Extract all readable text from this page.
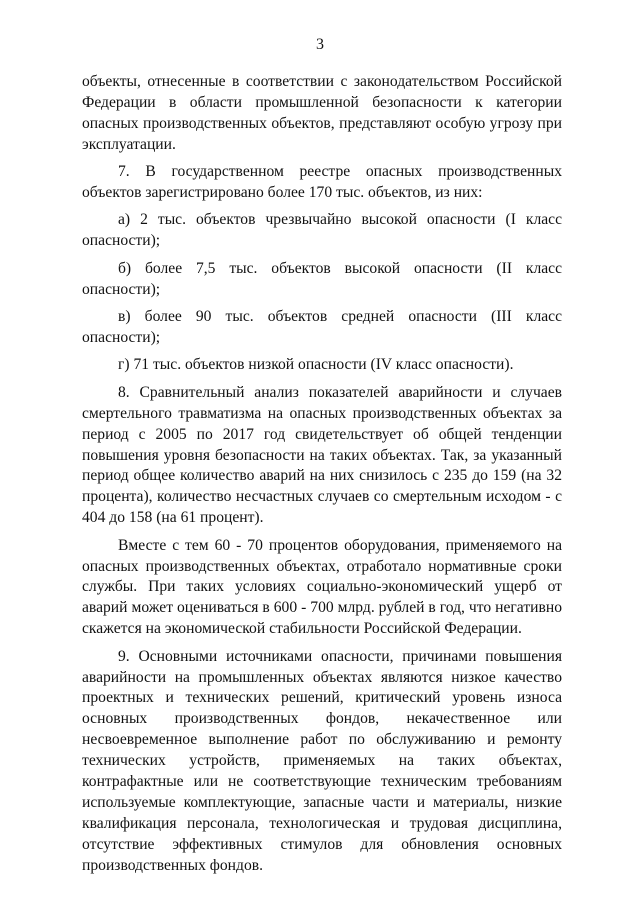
3

объекты, отнесенные в соответствии с законодательством Российской Федерации в области промышленной безопасности к категории опасных производственных объектов, представляют особую угрозу при эксплуатации.

7. В государственном реестре опасных производственных объектов зарегистрировано более 170 тыс. объектов, из них:

а) 2 тыс. объектов чрезвычайно высокой опасности (I класс опасности);

б) более 7,5 тыс. объектов высокой опасности (II класс опасности);

в) более 90 тыс. объектов средней опасности (III класс опасности);

г) 71 тыс. объектов низкой опасности (IV класс опасности).

8. Сравнительный анализ показателей аварийности и случаев смертельного травматизма на опасных производственных объектах за период с 2005 по 2017 год свидетельствует об общей тенденции повышения уровня безопасности на таких объектах. Так, за указанный период общее количество аварий на них снизилось с 235 до 159 (на 32 процента), количество несчастных случаев со смертельным исходом - с 404 до 158 (на 61 процент).

Вместе с тем 60 - 70 процентов оборудования, применяемого на опасных производственных объектах, отработало нормативные сроки службы. При таких условиях социально-экономический ущерб от аварий может оцениваться в 600 - 700 млрд. рублей в год, что негативно скажется на экономической стабильности Российской Федерации.

9. Основными источниками опасности, причинами повышения аварийности на промышленных объектах являются низкое качество проектных и технических решений, критический уровень износа основных производственных фондов, некачественное или несвоевременное выполнение работ по обслуживанию и ремонту технических устройств, применяемых на таких объектах, контрафактные или не соответствующие техническим требованиям используемые комплектующие, запасные части и материалы, низкие квалификация персонала, технологическая и трудовая дисциплина, отсутствие эффективных стимулов для обновления основных производственных фондов.
